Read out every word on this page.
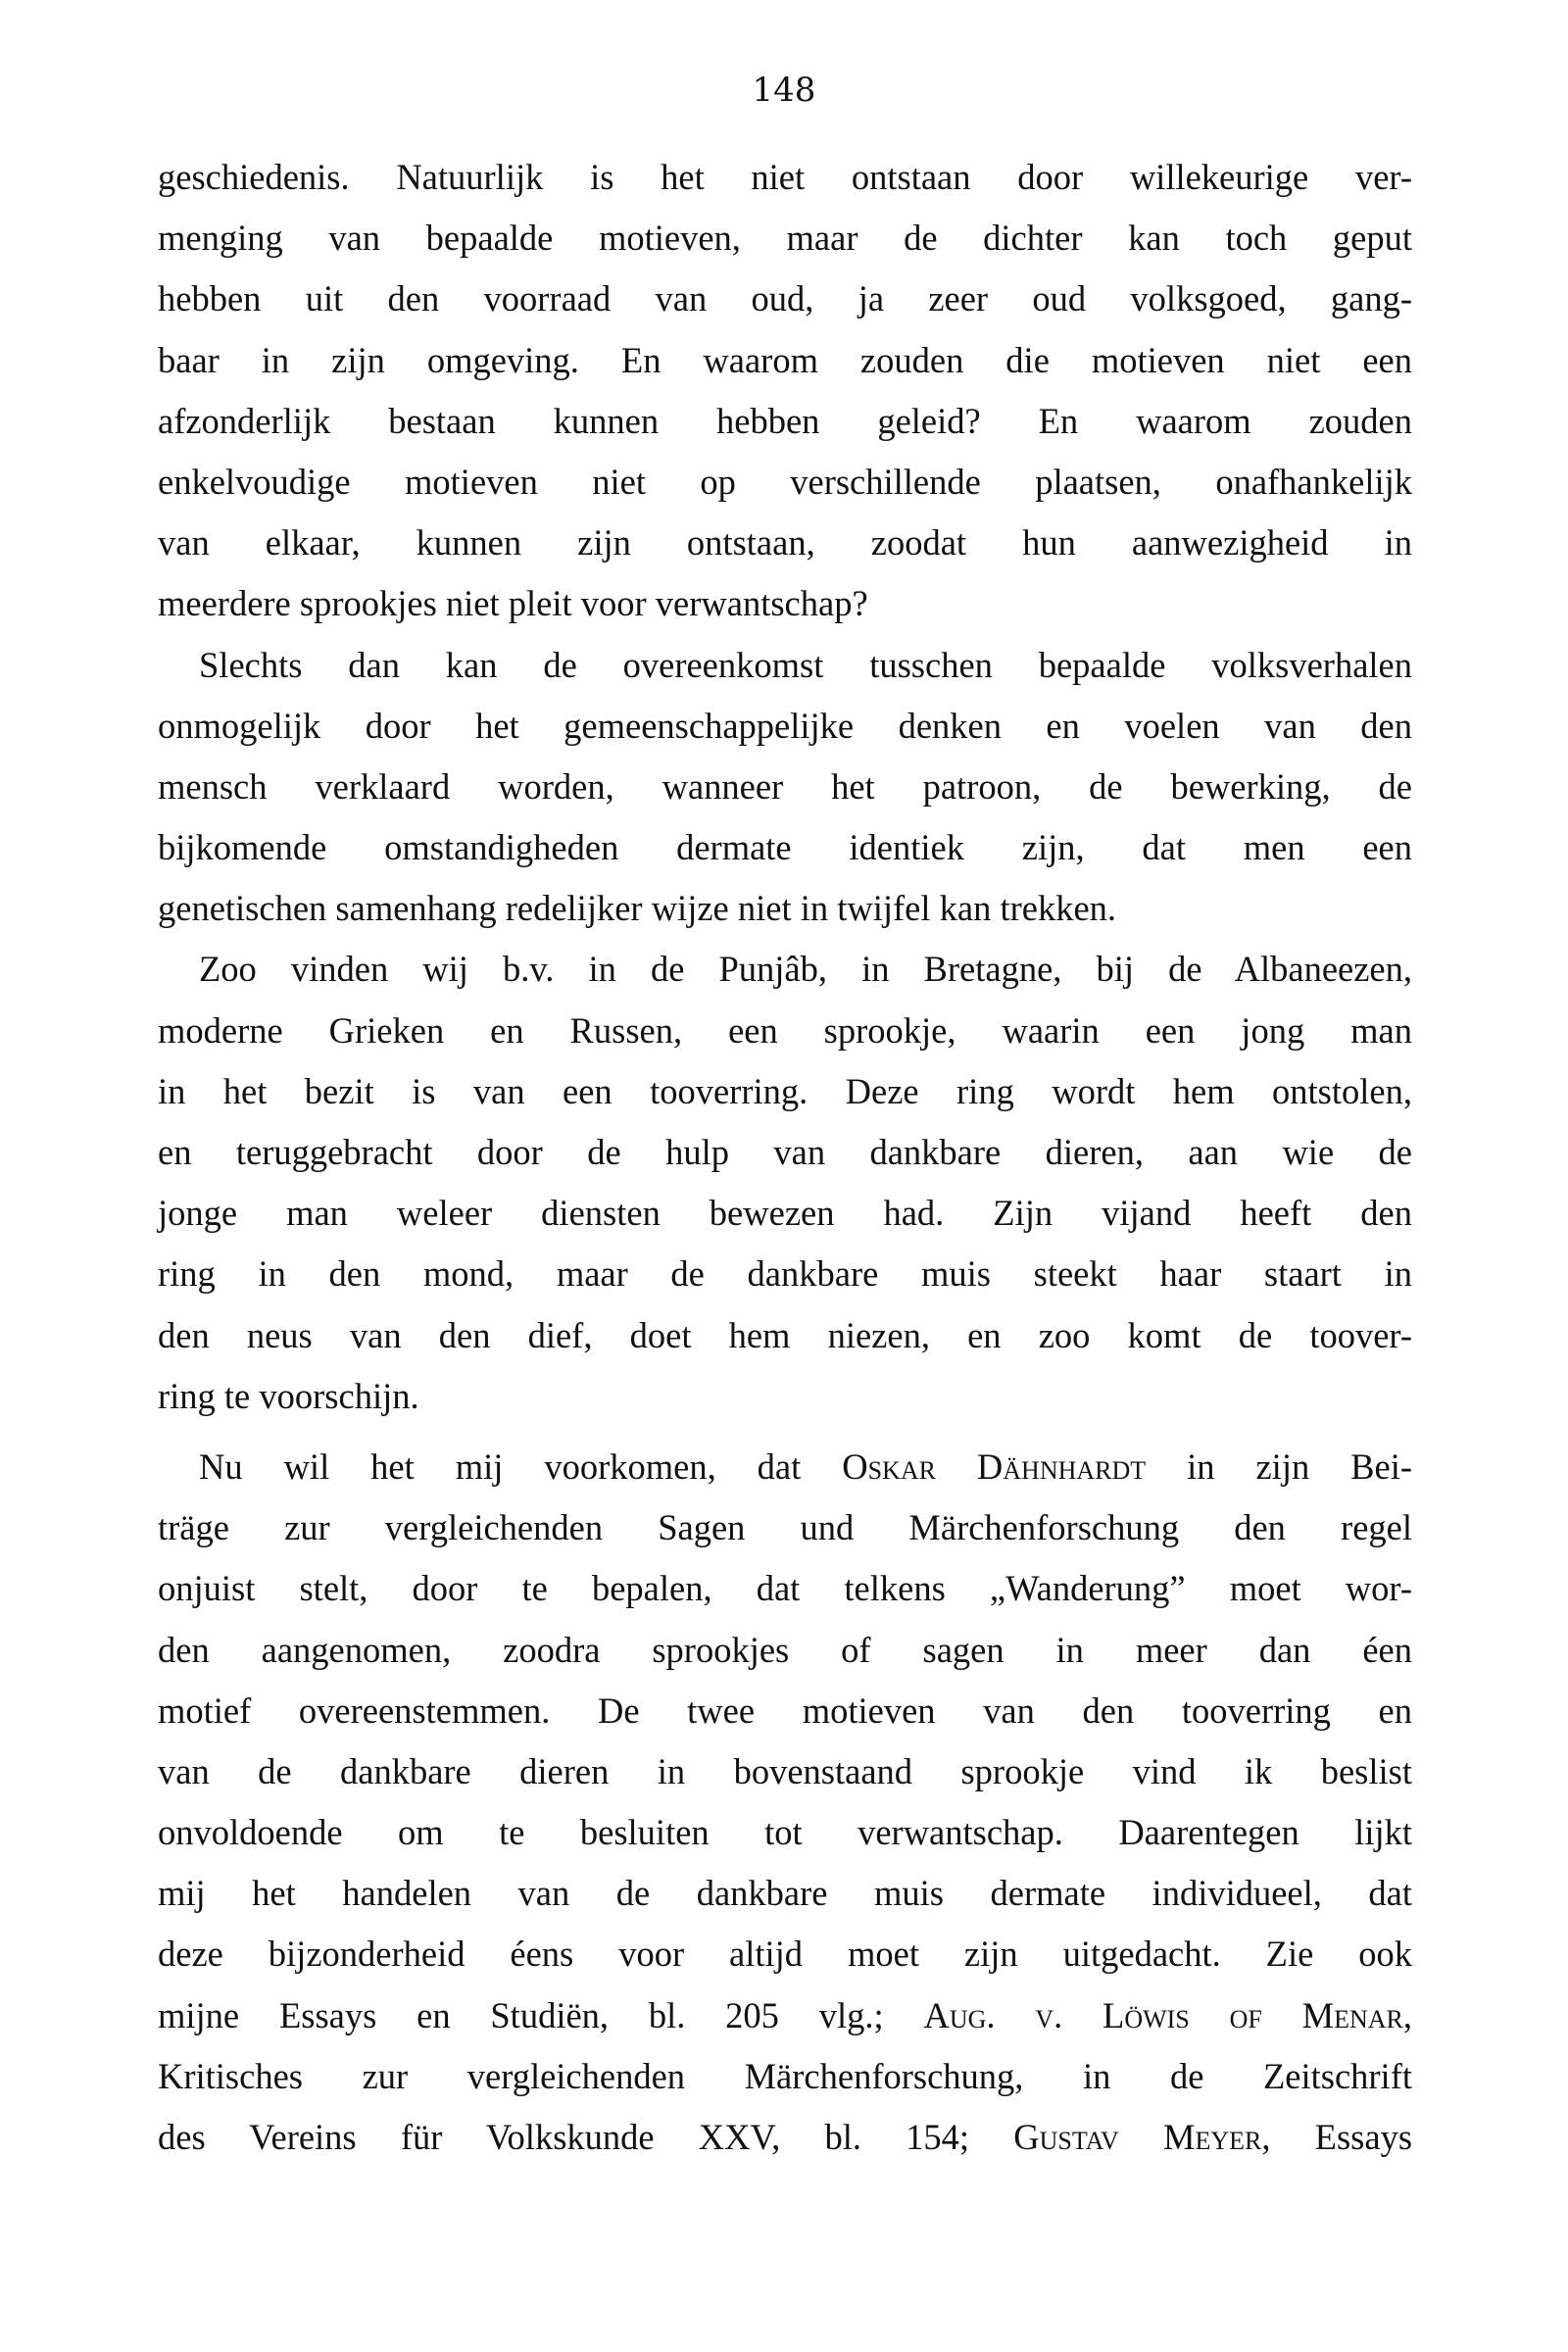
148
geschiedenis. Natuurlijk is het niet ontstaan door willekeurige ver-
menging van bepaalde motieven, maar de dichter kan toch geput
hebben uit den voorraad van oud, ja zeer oud volksgoed, gang-
baar in zijn omgeving. En waarom zouden die motieven niet een
afzonderlijk bestaan kunnen hebben geleid? En waarom zouden
enkelvoudige motieven niet op verschillende plaatsen, onafhankelijk
van elkaar, kunnen zijn ontstaan, zoodat hun aanwezigheid in
meerdere sprookjes niet pleit voor verwantschap?
Slechts dan kan de overeenkomst tusschen bepaalde volksverhalen
onmogelijk door het gemeenschappelijke denken en voelen van den
mensch verklaard worden, wanneer het patroon, de bewerking, de
bijkomende omstandigheden dermate identiek zijn, dat men een
genetischen samenhang redelijker wijze niet in twijfel kan trekken.
Zoo vinden wij b.v. in de Punjâb, in Bretagne, bij de Albaneezen,
moderne Grieken en Russen, een sprookje, waarin een jong man
in het bezit is van een tooverring. Deze ring wordt hem ontstolen,
en teruggebracht door de hulp van dankbare dieren, aan wie de
jonge man weleer diensten bewezen had. Zijn vijand heeft den
ring in den mond, maar de dankbare muis steekt haar staart in
den neus van den dief, doet hem niezen, en zoo komt de toover-
ring te voorschijn.
Nu wil het mij voorkomen, dat Oskar Dähnhardt in zijn Bei-
träge zur vergleichenden Sagen und Märchenforschung den regel
onjuist stelt, door te bepalen, dat telkens „Wanderung” moet wor-
den aangenomen, zoodra sprookjes of sagen in meer dan éen
motief overeenstemmen. De twee motieven van den tooverring en
van de dankbare dieren in bovenstaand sprookje vind ik beslist
onvoldoende om te besluiten tot verwantschap. Daarentegen lijkt
mij het handelen van de dankbare muis dermate individueel, dat
deze bijzonderheid éens voor altijd moet zijn uitgedacht. Zie ook
mijne Essays en Studiën, bl. 205 vlg.; Aug. v. Löwis of Menar,
Kritisches zur vergleichenden Märchenforschung, in de Zeitschrift
des Vereins für Volkskunde XXV, bl. 154; Gustav Meyer, Essays
